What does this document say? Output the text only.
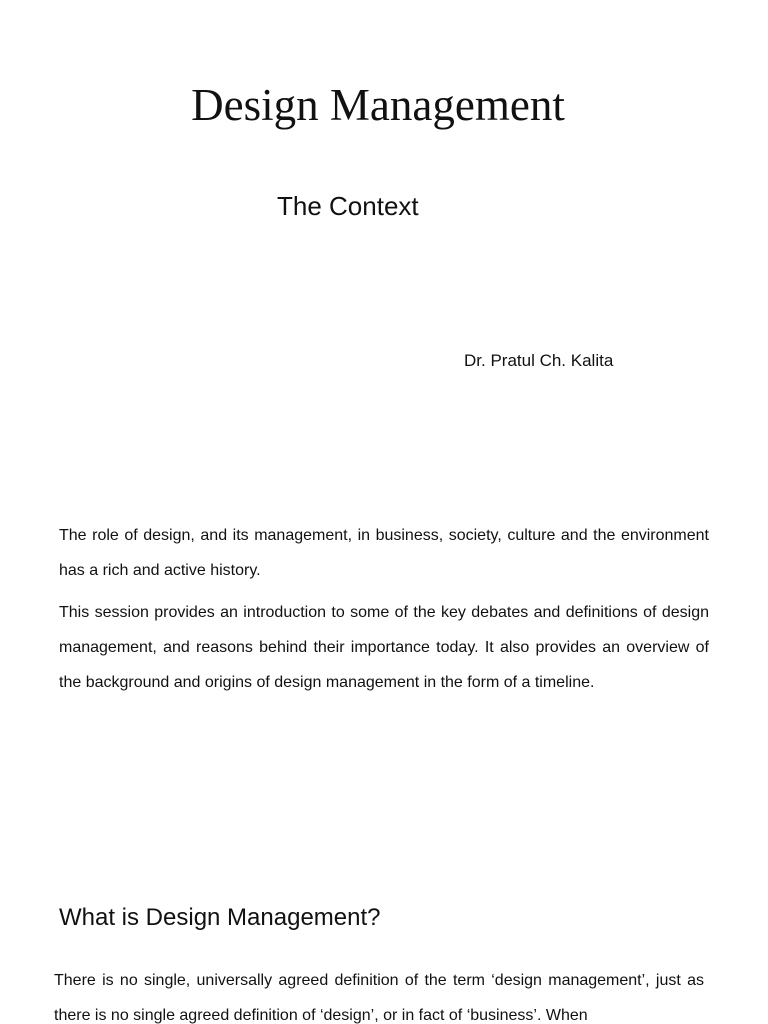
Design Management
The Context

Dr. Pratul Ch. Kalita

The role of design, and its management, in business, society, culture and the environment has a rich and active history.

This session provides an introduction to some of the key debates and definitions of design management, and reasons behind their importance today. It also provides an overview of the background and origins of design management in the form of a timeline.

What is Design Management?

There is no single, universally agreed definition of the term ‘design management’, just as there is no single agreed definition of ‘design’, or in fact of ‘business’. When
